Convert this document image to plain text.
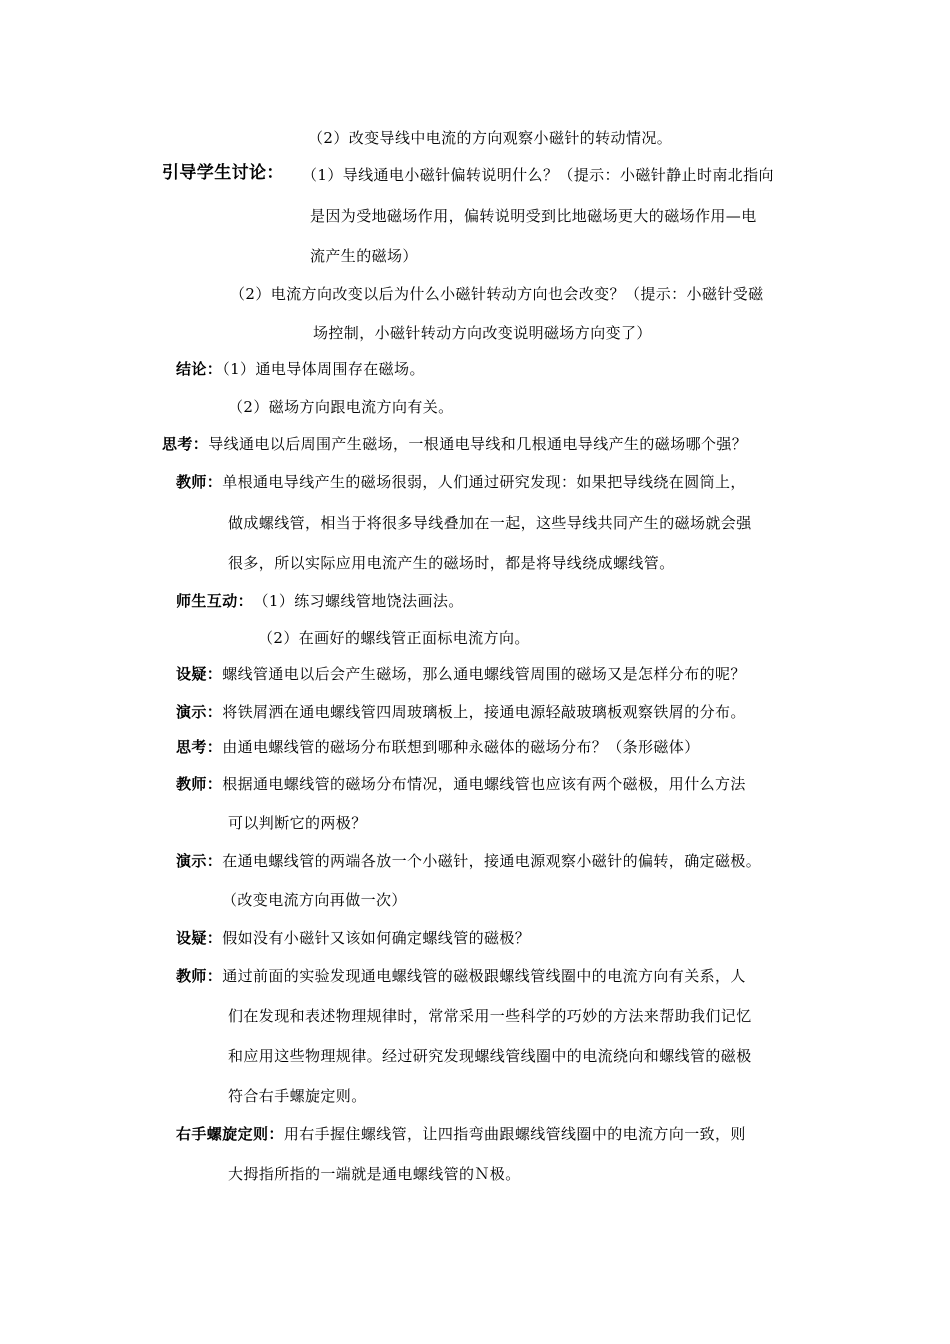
（2）改变导线中电流的方向观察小磁针的转动情况。
引导学生讨论： （1）导线通电小磁针偏转说明什么？（提示：小磁针静止时南北指向
是因为受地磁场作用，偏转说明受到比地磁场更大的磁场作用—电
流产生的磁场）
（2）电流方向改变以后为什么小磁针转动方向也会改变？（提示：小磁针受磁
场控制，小磁针转动方向改变说明磁场方向变了）
结论：（1）通电导体周围存在磁场。
（2）磁场方向跟电流方向有关。
思考：导线通电以后周围产生磁场，一根通电导线和几根通电导线产生的磁场哪个强？
教师：单根通电导线产生的磁场很弱，人们通过研究发现：如果把导线绕在圆筒上，
做成螺线管，相当于将很多导线叠加在一起，这些导线共同产生的磁场就会强
很多，所以实际应用电流产生的磁场时，都是将导线绕成螺线管。
师生互动： （1）练习螺线管地饶法画法。
（2）在画好的螺线管正面标电流方向。
设疑：螺线管通电以后会产生磁场，那么通电螺线管周围的磁场又是怎样分布的呢？
演示：将铁屑洒在通电螺线管四周玻璃板上，接通电源轻敲玻璃板观察铁屑的分布。
思考：由通电螺线管的磁场分布联想到哪种永磁体的磁场分布？（条形磁体）
教师：根据通电螺线管的磁场分布情况，通电螺线管也应该有两个磁极，用什么方法
可以判断它的两极？
演示：在通电螺线管的两端各放一个小磁针，接通电源观察小磁针的偏转，确定磁极。
（改变电流方向再做一次）
设疑：假如没有小磁针又该如何确定螺线管的磁极？
教师：通过前面的实验发现通电螺线管的磁极跟螺线管线圈中的电流方向有关系，人
们在发现和表述物理规律时，常常采用一些科学的巧妙的方法来帮助我们记忆
和应用这些物理规律。经过研究发现螺线管线圈中的电流绕向和螺线管的磁极
符合右手螺旋定则。
右手螺旋定则：用右手握住螺线管，让四指弯曲跟螺线管线圈中的电流方向一致，则
大拇指所指的一端就是通电螺线管的Ｎ极。
